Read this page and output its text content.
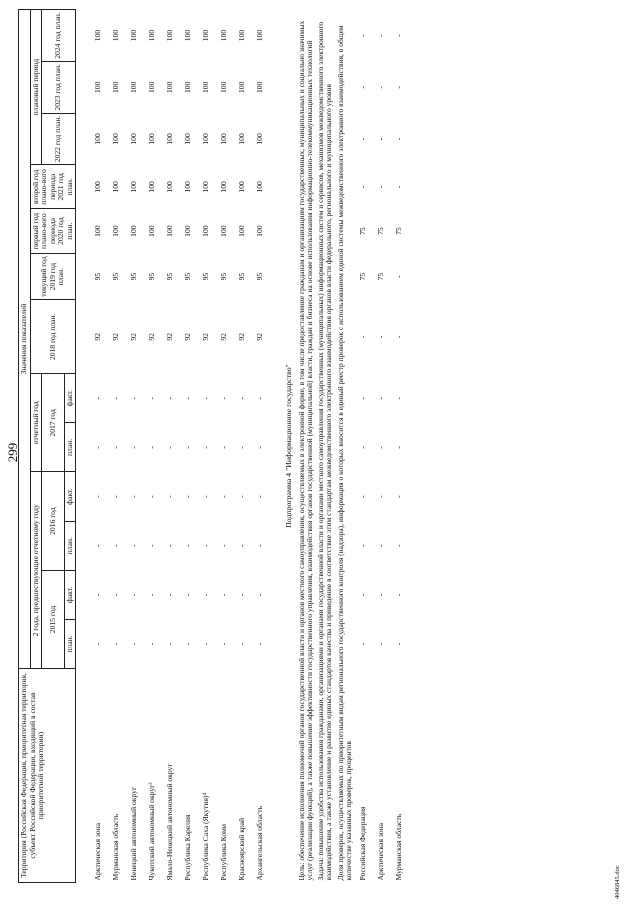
299
Территория (Российская Федерация, приоритетная территория, субъект Российской Федерации, входящий в состав приоритетной территории)	Значения показателей												
	2 года, предшествующие отчетному году				отчетный год		2018 год план.	текущий год 2019 год план.	первый год плано-вого периода 2020 год план.	второй год плано-вого периода 2021 год план.	плановый период		
	2015 год		2016 год		2017 год						2022 год план.	2023 год план.	2024 год план.
	план.	факт.	план.	факт.	план.	факт.							

Арктическая зона	-	-	-	-	-	-	92	95	100	100	100	100	100
Мурманская область	-	-	-	-	-	-	92	95	100	100	100	100	100
Ненецкий автономный округ	-	-	-	-	-	-	92	95	100	100	100	100	100
Чукотский автономный округ³	-	-	-	-	-	-	92	95	100	100	100	100	100
Ямало-Ненецкий автономный округ	-	-	-	-	-	-	92	95	100	100	100	100	100
Республика Карелия	-	-	-	-	-	-	92	95	100	100	100	100	100
Республика Саха (Якутия)⁴	-	-	-	-	-	-	92	95	100	100	100	100	100
Республика Коми	-	-	-	-	-	-	92	95	100	100	100	100	100
Красноярский край	-	-	-	-	-	-	92	95	100	100	100	100	100
Архангельская область	-	-	-	-	-	-	92	95	100	100	100	100	100
Подпрограмма 4 "Информационное государство"													
Цель: обеспечение исполнения полномочий органов государственной власти и органов местного самоуправления, осуществляемых в электронной форме, в том числе предоставление гражданам и организациям государственных, муниципальных и социально значимых услуг (реализации функций), а также повышение эффективности государственного управления, взаимодействия органов государственной (муниципальной) власти, граждан и бизнеса на основе использования информационно-телекоммуникационных технологий													
Задача: повышение удобства использования гражданами, организациями и органами государственной власти и органами местного самоуправления государственных (муниципальных) информационных систем и сервисов, механизмов межведомственного электронного взаимодействия, а также установление и развитие единых стандартов качества и приведение в соответствие этим стандартам межведомственного электронного взаимодействия органов власти федерального, регионального и муниципального уровня													
Доля проверок, осуществляемых по приоритетным видам регионального государственного контроля (надзора), информация о которых вносится в единый реестр проверок с использованием единой системы межведомственного электронного взаимодействия, в общем количестве указанных проверок, процентов													

Российская Федерация	-	-	-	-	-	-	-	75	75	-	-	-	-
Арктическая зона	-	-	-	-	-	-	-	75	75	-	-	-	-
Мурманская область	-	-	-	-	-	-	-	-	75	-	-	-	-
4046845.doc
